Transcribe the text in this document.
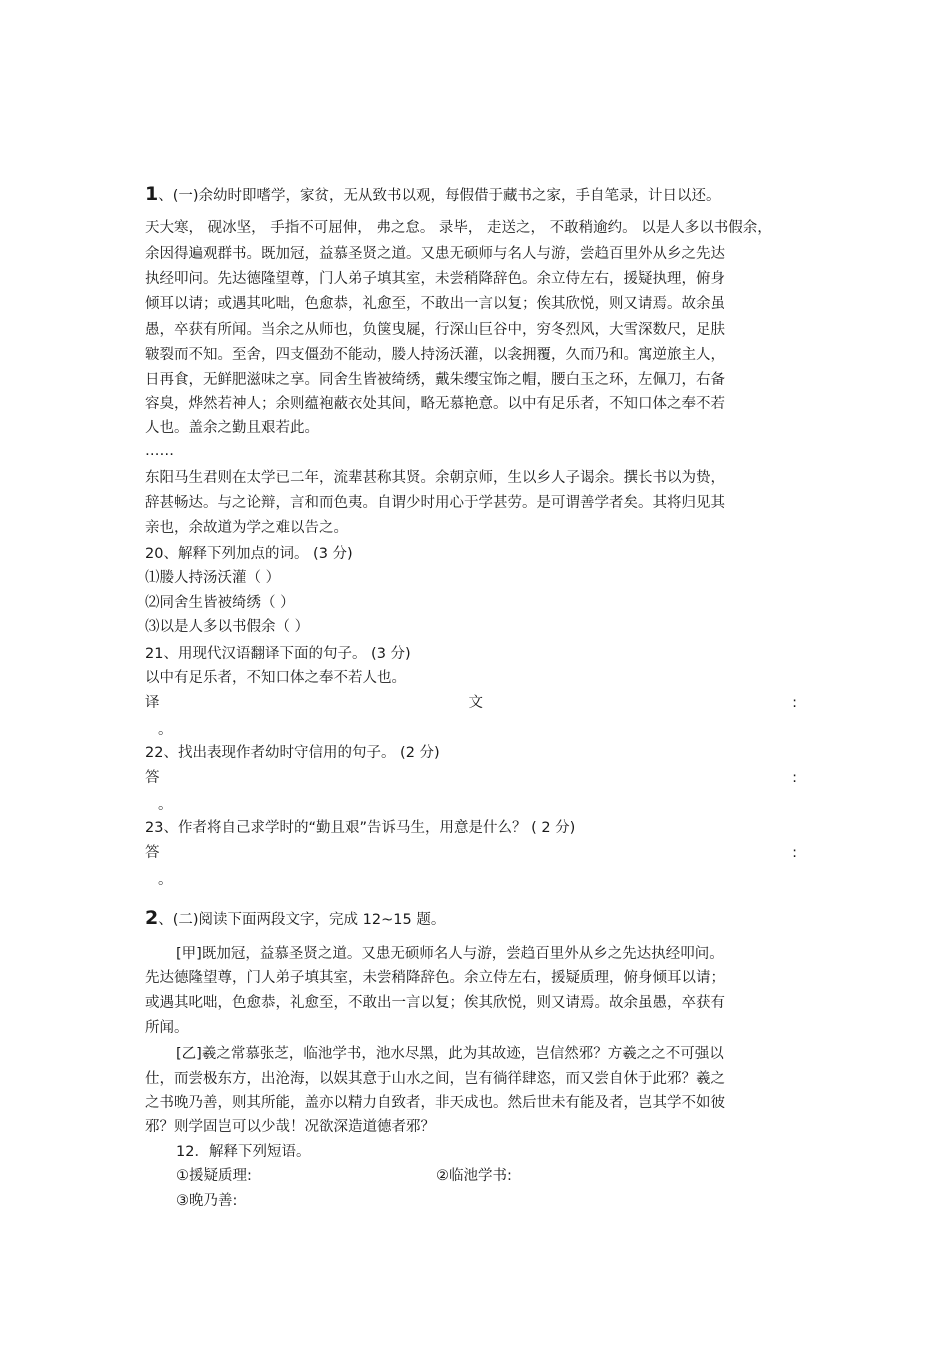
1、(一)余幼时即嗜学，家贫，无从致书以观，每假借于藏书之家，手自笔录，计日以还。
天大寒， 砚冰坚， 手指不可屈伸， 弗之怠。 录毕， 走送之， 不敢稍逾约。 以是人多以书假余，
余因得遍观群书。既加冠，益慕圣贤之道。又患无硕师与名人与游，尝趋百里外从乡之先达
执经叩问。先达德隆望尊，门人弟子填其室，未尝稍降辞色。余立侍左右，援疑执理，俯身
倾耳以请；或遇其叱咄，色愈恭，礼愈至，不敢出一言以复；俟其欣悦，则又请焉。故余虽
愚，卒获有所闻。当余之从师也，负箧曳屣，行深山巨谷中，穷冬烈风，大雪深数尺，足肤
皲裂而不知。至舍，四支僵劲不能动，媵人持汤沃灌，以衾拥覆，久而乃和。寓逆旅主人，
日再食，无鲜肥滋味之享。同舍生皆被绮绣，戴朱缨宝饰之帽，腰白玉之环，左佩刀，右备
容臭，烨然若神人；余则蕴袍蔽衣处其间，略无慕艳意。以中有足乐者，不知口体之奉不若
人也。盖余之勤且艰若此。
……
东阳马生君则在太学已二年，流辈甚称其贤。余朝京师，生以乡人子谒余。撰长书以为贽，
辞甚畅达。与之论辩，言和而色夷。自谓少时用心于学甚劳。是可谓善学者矣。其将归见其
亲也，余故道为学之难以告之。
20、解释下列加点的词。 (3 分)
⑴媵人持汤沃灌（ ）
⑵同舍生皆被绮绣（ ）
⑶以是人多以书假余（ ）
21、用现代汉语翻译下面的句子。 (3 分)
以中有足乐者，不知口体之奉不若人也。
译	文	:
。
22、找出表现作者幼时守信用的句子。 (2 分)
答	:
。
23、作者将自己求学时的“勤且艰”告诉马生，用意是什么？ ( 2 分)
答	:
。
2、(二)阅读下面两段文字，完成 12~15 题。
[甲]既加冠，益慕圣贤之道。又患无硕师名人与游，尝趋百里外从乡之先达执经叩问。
先达德隆望尊，门人弟子填其室，未尝稍降辞色。余立侍左右，援疑质理，俯身倾耳以请；
或遇其叱咄，色愈恭，礼愈至，不敢出一言以复；俟其欣悦，则又请焉。故余虽愚，卒获有
所闻。
[乙]羲之常慕张芝，临池学书，池水尽黑，此为其故迹，岂信然邪？方羲之之不可强以
仕，而尝极东方，出沧海，以娱其意于山水之间，岂有徜徉肆恣，而又尝自休于此邪？羲之
之书晚乃善，则其所能，盖亦以精力自致者，非天成也。然后世未有能及者，岂其学不如彼
邪？则学固岂可以少哉！况欲深造道德者邪？
12．解释下列短语。
①援疑质理:	②临池学书:
③晚乃善:
